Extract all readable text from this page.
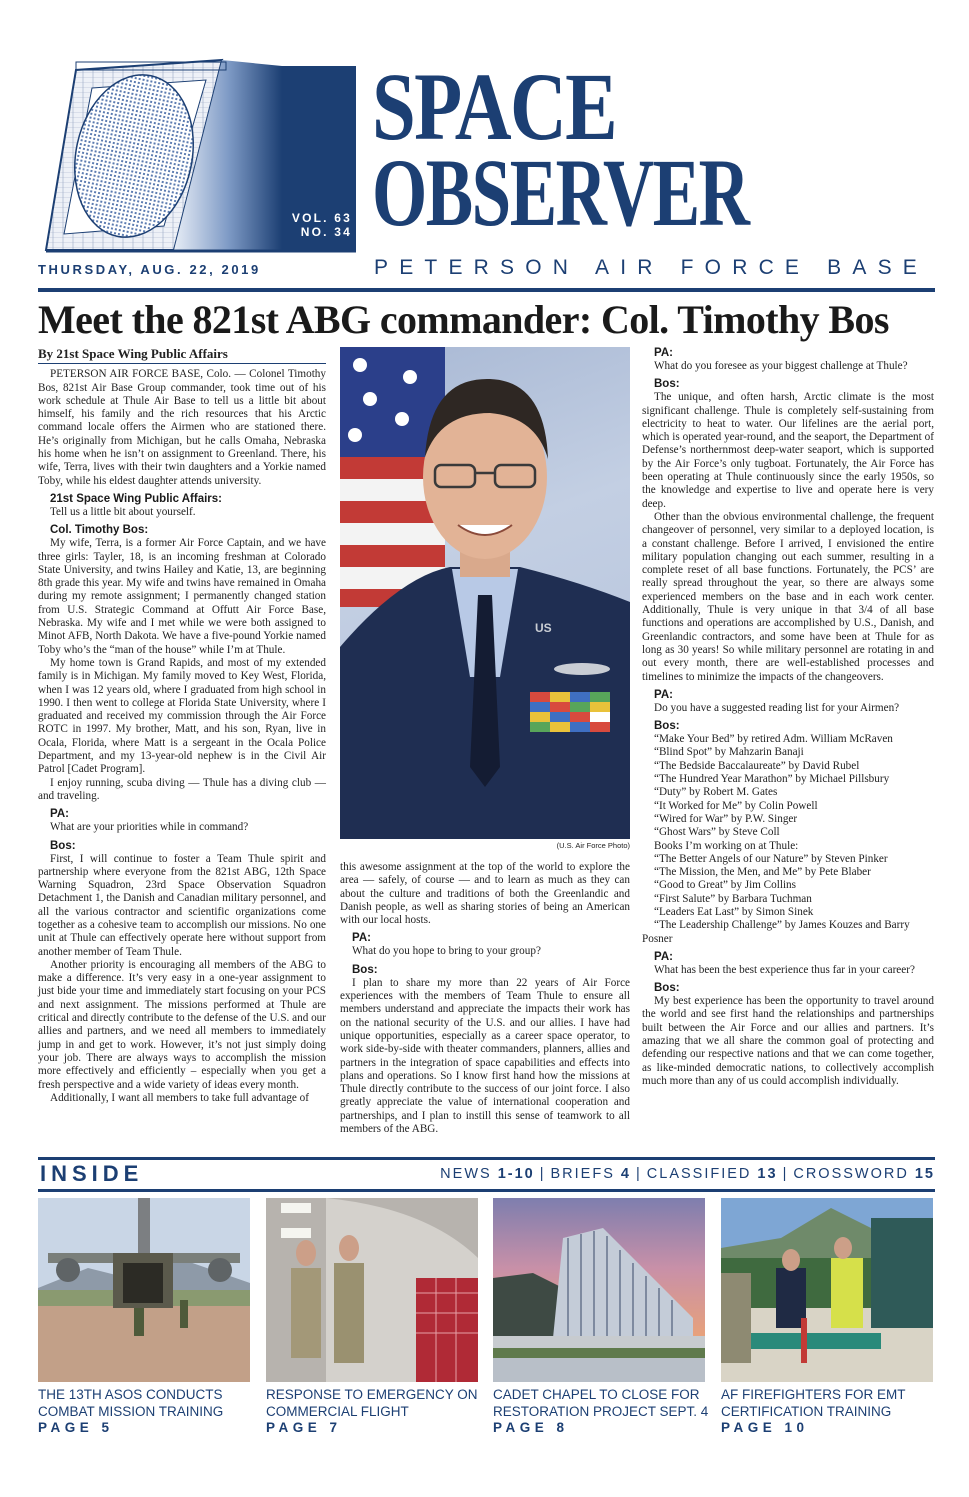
VOL. 63
NO. 34
THURSDAY, AUG. 22, 2019
SPACE
OBSERVER
PETERSON AIR FORCE BASE
Meet the 821st ABG commander: Col. Timothy Bos
By 21st Space Wing Public Affairs

PETERSON AIR FORCE BASE, Colo. — Colonel Timothy Bos, 821st Air Base Group commander, took time out of his work schedule at Thule Air Base to tell us a little bit about himself, his family and the rich resources that his Arctic command locale offers the Airmen who are stationed there. He’s originally from Michigan, but he calls Omaha, Nebraska his home when he isn’t on assignment to Greenland. There, his wife, Terra, lives with their twin daughters and a Yorkie named Toby, while his eldest daughter attends university.

21st Space Wing Public Affairs:

Tell us a little bit about yourself.

Col. Timothy Bos:

My wife, Terra, is a former Air Force Captain, and we have three girls: Tayler, 18, is an incoming freshman at Colorado State University, and twins Hailey and Katie, 13, are beginning 8th grade this year. My wife and twins have remained in Omaha during my remote assignment; I permanently changed station from U.S. Strategic Command at Offutt Air Force Base, Nebraska. My wife and I met while we were both assigned to Minot AFB, North Dakota. We have a five-pound Yorkie named Toby who’s the “man of the house” while I’m at Thule.

My home town is Grand Rapids, and most of my extended family is in Michigan. My family moved to Key West, Florida, when I was 12 years old, where I graduated from high school in 1990. I then went to college at Florida State University, where I graduated and received my commission through the Air Force ROTC in 1997. My brother, Matt, and his son, Ryan, live in Ocala, Florida, where Matt is a sergeant in the Ocala Police Department, and my 13-year-old nephew is in the Civil Air Patrol [Cadet Program].

I enjoy running, scuba diving — Thule has a diving club — and traveling.

PA:

What are your priorities while in command?

Bos:

First, I will continue to foster a Team Thule spirit and partnership where everyone from the 821st ABG, 12th Space Warning Squadron, 23rd Space Observation Squadron Detachment 1, the Danish and Canadian military personnel, and all the various contractor and scientific organizations come together as a cohesive team to accomplish our missions. No one unit at Thule can effectively operate here without support from another member of Team Thule.

Another priority is encouraging all members of the ABG to make a difference. It’s very easy in a one-year assignment to just bide your time and immediately start focusing on your PCS and next assignment. The missions performed at Thule are critical and directly contribute to the defense of the U.S. and our allies and partners, and we need all members to immediately jump in and get to work. However, it’s not just simply doing your job. There are always ways to accomplish the mission more effectively and efficiently – especially when you get a fresh perspective and a wide variety of ideas every month.

Additionally, I want all members to take full advantage of

US
(U.S. Air Force Photo)

this awesome assignment at the top of the world to explore the area — safely, of course — and to learn as much as they can about the culture and traditions of both the Greenlandic and Danish people, as well as sharing stories of being an American with our local hosts.

PA:

What do you hope to bring to your group?

Bos:

I plan to share my more than 22 years of Air Force experiences with the members of Team Thule to ensure all members understand and appreciate the impacts their work has on the national security of the U.S. and our allies. I have had unique opportunities, especially as a career space operator, to work side-by-side with theater commanders, planners, allies and partners in the integration of space capabilities and effects into plans and operations. So I know first hand how the missions at Thule directly contribute to the success of our joint force. I also greatly appreciate the value of international cooperation and partnerships, and I plan to instill this sense of teamwork to all members of the ABG.

PA:

What do you foresee as your biggest challenge at Thule?

Bos:

The unique, and often harsh, Arctic climate is the most significant challenge. Thule is completely self-sustaining from electricity to heat to water. Our lifelines are the aerial port, which is operated year-round, and the seaport, the Department of Defense’s northernmost deep-water seaport, which is supported by the Air Force’s only tugboat. Fortunately, the Air Force has been operating at Thule continuously since the early 1950s, so the knowledge and expertise to live and operate here is very deep.

Other than the obvious environmental challenge, the frequent changeover of personnel, very similar to a deployed location, is a constant challenge. Before I arrived, I envisioned the entire military population changing out each summer, resulting in a complete reset of all base functions. Fortunately, the PCS’ are really spread throughout the year, so there are always some experienced members on the base and in each work center. Additionally, Thule is very unique in that 3/4 of all base functions and operations are accomplished by U.S., Danish, and Greenlandic contractors, and some have been at Thule for as long as 30 years! So while military personnel are rotating in and out every month, there are well-established processes and timelines to minimize the impacts of the changeovers.

PA:

Do you have a suggested reading list for your Airmen?

Bos:
“Make Your Bed” by retired Adm. William McRaven
“Blind Spot” by Mahzarin Banaji
“The Bedside Baccalaureate” by David Rubel
“The Hundred Year Marathon” by Michael Pillsbury
“Duty” by Robert M. Gates
“It Worked for Me” by Colin Powell
“Wired for War” by P.W. Singer
“Ghost Wars” by Steve Coll
Books I’m working on at Thule:
“The Better Angels of our Nature” by Steven Pinker
“The Mission, the Men, and Me” by Pete Blaber
“Good to Great” by Jim Collins
“First Salute” by Barbara Tuchman
“Leaders Eat Last” by Simon Sinek
“The Leadership Challenge” by James Kouzes and Barry Posner
PA:

What has been the best experience thus far in your career?

Bos:

My best experience has been the opportunity to travel around the world and see first hand the relationships and partnerships built between the Air Force and our allies and partners. It’s amazing that we all share the common goal of protecting and defending our respective nations and that we can come together, as like-minded democratic nations, to collectively accomplish much more than any of us could accomplish individually.

INSIDE	NEWS 1-10 | BRIEFS 4 | CLASSIFIED 13 | CROSSWORD 15
THE 13TH ASOS CONDUCTS
COMBAT MISSION TRAINING
PAGE 5
RESPONSE TO EMERGENCY ON
COMMERCIAL FLIGHT
PAGE 7
CADET CHAPEL TO CLOSE FOR
RESTORATION PROJECT SEPT. 4
PAGE 8
AF FIREFIGHTERS FOR EMT
CERTIFICATION TRAINING
PAGE 10
